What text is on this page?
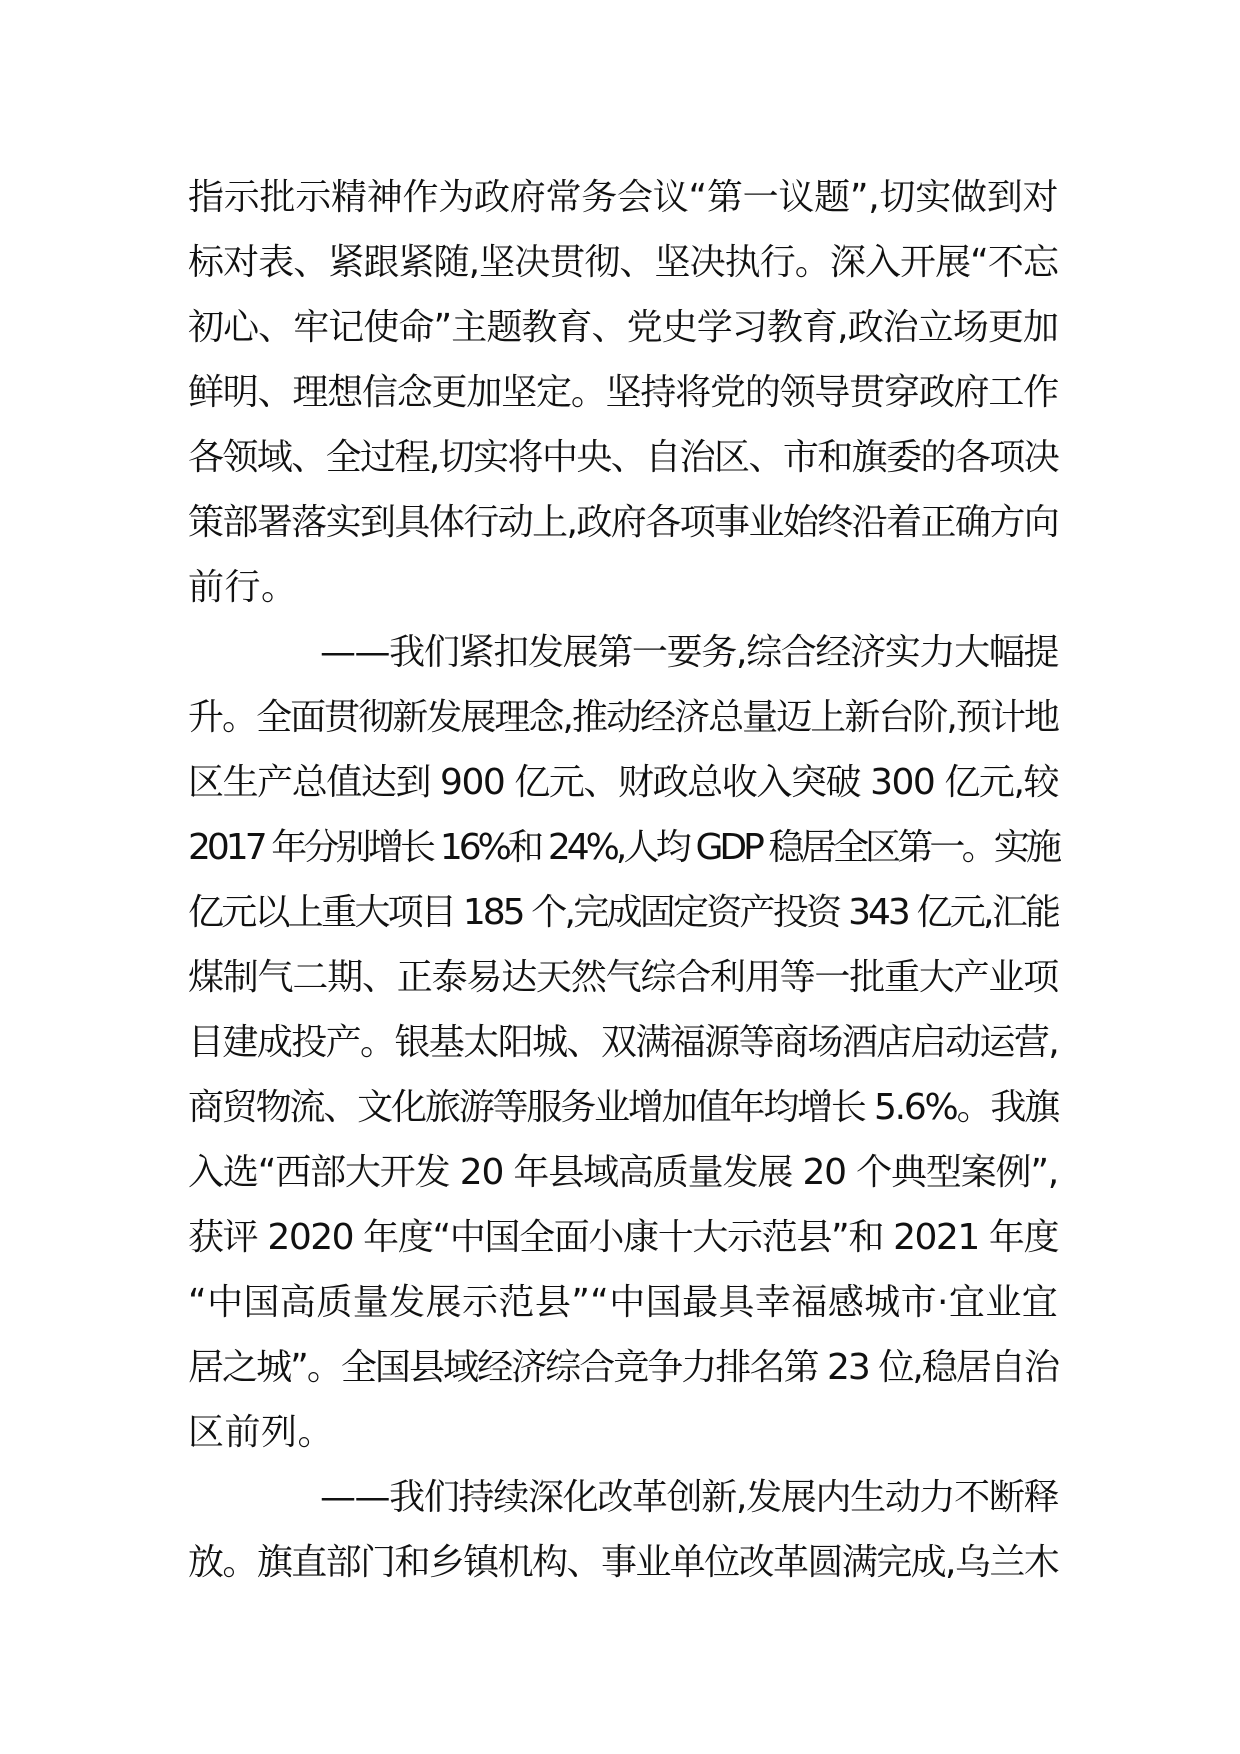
指示批示精神作为政府常务会议“第一议题”,切实做到对
标对表、紧跟紧随,坚决贯彻、坚决执行。深入开展“不忘
初心、牢记使命”主题教育、党史学习教育,政治立场更加
鲜明、理想信念更加坚定。坚持将党的领导贯穿政府工作
各领域、全过程,切实将中央、自治区、市和旗委的各项决
策部署落实到具体行动上,政府各项事业始终沿着正确方向
前行。

——我们紧扣发展第一要务,综合经济实力大幅提
升。全面贯彻新发展理念,推动经济总量迈上新台阶,预计地
区生产总值达到 900 亿元、财政总收入突破 300 亿元,较
2017 年分别增长 16%和 24%,人均 GDP 稳居全区第一。实施
亿元以上重大项目 185 个,完成固定资产投资 343 亿元,汇能
煤制气二期、正泰易达天然气综合利用等一批重大产业项
目建成投产。银基太阳城、双满福源等商场酒店启动运营,
商贸物流、文化旅游等服务业增加值年均增长 5.6%。我旗
入选“西部大开发 20 年县域高质量发展 20 个典型案例”,
获评 2020 年度“中国全面小康十大示范县”和 2021 年度
“中国高质量发展示范县”“中国最具幸福感城市·宜业宜
居之城”。全国县域经济综合竞争力排名第 23 位,稳居自治
区前列。

——我们持续深化改革创新,发展内生动力不断释
放。旗直部门和乡镇机构、事业单位改革圆满完成,乌兰木
